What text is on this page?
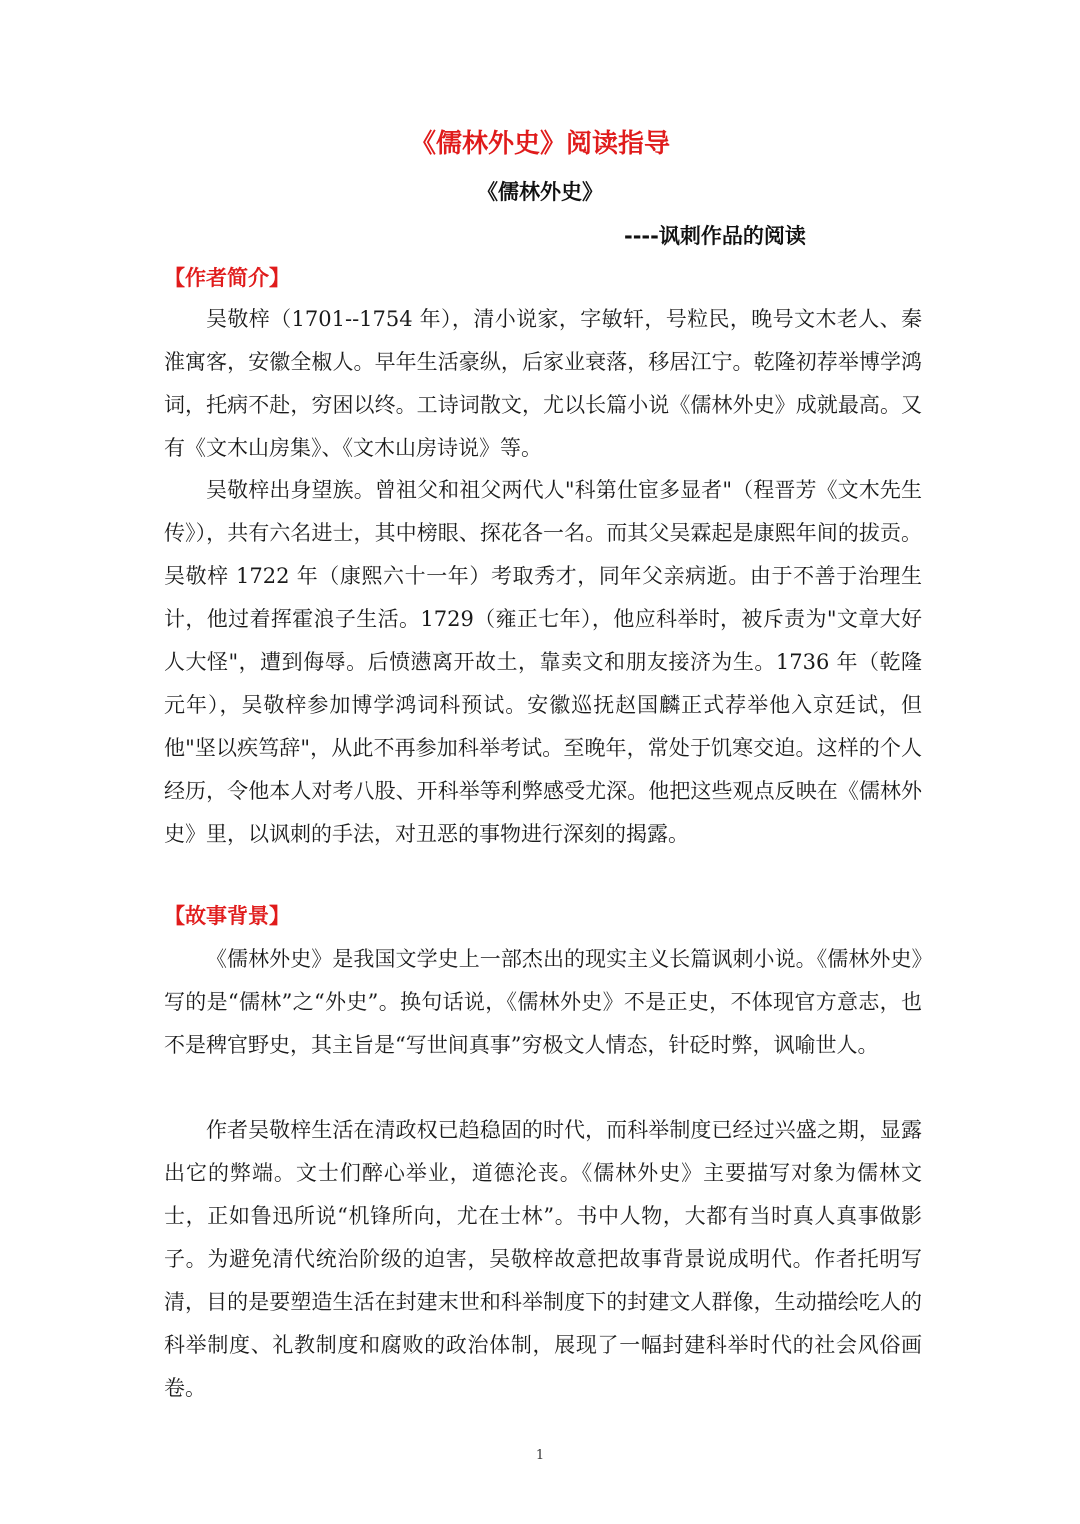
《儒林外史》阅读指导
《儒林外史》
----讽刺作品的阅读
【作者简介】

吴敬梓（1701--1754 年），清小说家，字敏轩，号粒民，晚号文木老人、秦淮寓客，安徽全椒人。早年生活豪纵，后家业衰落，移居江宁。乾隆初荐举博学鸿词，托病不赴，穷困以终。工诗词散文，尤以长篇小说《儒林外史》成就最高。又有《文木山房集》、《文木山房诗说》等。

吴敬梓出身望族。曾祖父和祖父两代人"科第仕宦多显者"（程晋芳《文木先生传》），共有六名进士，其中榜眼、探花各一名。而其父吴霖起是康熙年间的拔贡。吴敬梓 1722 年（康熙六十一年）考取秀才，同年父亲病逝。由于不善于治理生计，他过着挥霍浪子生活。1729（雍正七年），他应科举时，被斥责为"文章大好人大怪"，遭到侮辱。后愤懑离开故土，靠卖文和朋友接济为生。1736 年（乾隆元年），吴敬梓参加博学鸿词科预试。安徽巡抚赵国麟正式荐举他入京廷试，但他"坚以疾笃辞"，从此不再参加科举考试。至晚年，常处于饥寒交迫。这样的个人经历，令他本人对考八股、开科举等利弊感受尤深。他把这些观点反映在《儒林外史》里，以讽刺的手法，对丑恶的事物进行深刻的揭露。

【故事背景】

《儒林外史》是我国文学史上一部杰出的现实主义长篇讽刺小说。《儒林外史》写的是“儒林”之“外史”。换句话说，《儒林外史》不是正史，不体现官方意志，也不是稗官野史，其主旨是“写世间真事”穷极文人情态，针砭时弊，讽喻世人。

作者吴敬梓生活在清政权已趋稳固的时代，而科举制度已经过兴盛之期，显露出它的弊端。文士们醉心举业，道德沦丧。《儒林外史》主要描写对象为儒林文士，正如鲁迅所说“机锋所向，尤在士林”。书中人物，大都有当时真人真事做影子。为避免清代统治阶级的迫害，吴敬梓故意把故事背景说成明代。作者托明写清，目的是要塑造生活在封建末世和科举制度下的封建文人群像，生动描绘吃人的科举制度、礼教制度和腐败的政治体制，展现了一幅封建科举时代的社会风俗画卷。

1
